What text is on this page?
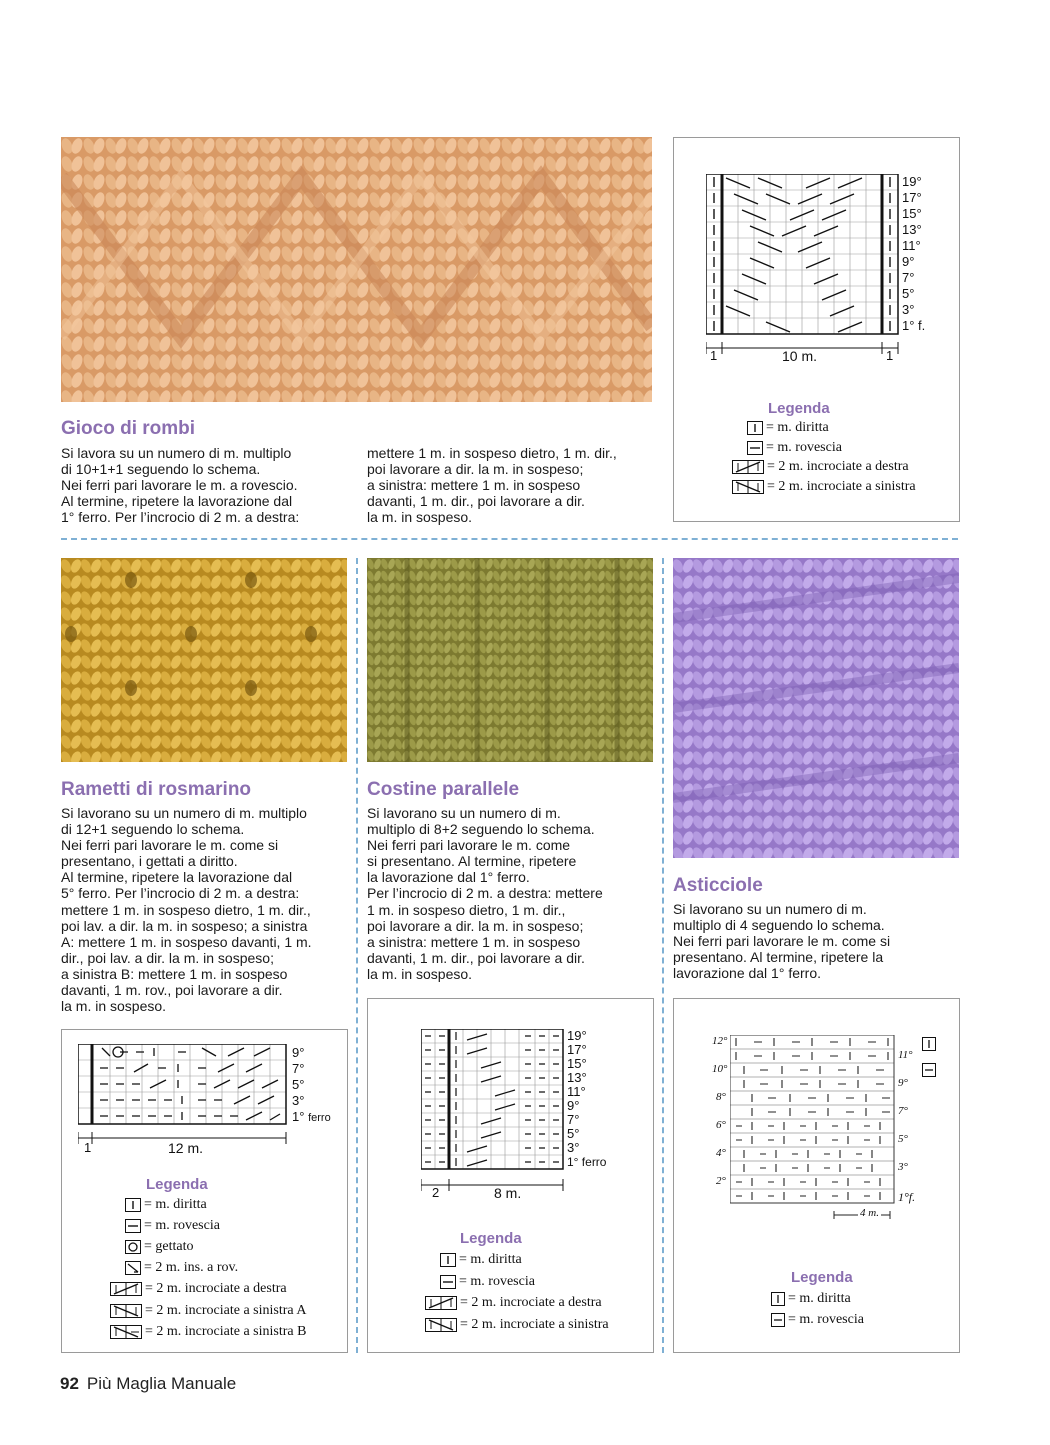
Gioco di rombi

Si lavora su un numero di m. multiplo

di 10+1+1 seguendo lo schema.

Nei ferri pari lavorare le m. a rovescio.

Al termine, ripetere la lavorazione dal

1° ferro. Per l’incrocio di 2 m. a destra:

mettere 1 m. in sospeso dietro, 1 m. dir.,

poi lavorare a dir. la m. in sospeso;

a sinistra: mettere 1 m. in sospeso

davanti, 1 m. dir., poi lavorare a dir.

la m. in sospeso.

19°
17°
15°
13°
11°
9°
7°
5°
3°
1° f.
1	10 m.	1
Legenda
= m. diritta
= m. rovescia
= 2 m. incrociate a destra
= 2 m. incrociate a sinistra
Rametti di rosmarino

Si lavorano su un numero di m. multiplo

di 12+1 seguendo lo schema.

Nei ferri pari lavorare le m. come si

presentano, i gettati a diritto.

Al termine, ripetere la lavorazione dal

5° ferro. Per l’incrocio di 2 m. a destra:

mettere 1 m. in sospeso dietro, 1 m. dir.,

poi lav. a dir. la m. in sospeso; a sinistra

A: mettere 1 m. in sospeso davanti, 1 m.

dir., poi lav. a dir. la m. in sospeso;

a sinistra B: mettere 1 m. in sospeso

davanti, 1 m. rov., poi lavorare a dir.

la m. in sospeso.

9°
7°
5°
3°
1° ferro
1	12 m.
Legenda
= m. diritta
= m. rovescia
= gettato
= 2 m. ins. a rov.
= 2 m. incrociate a destra
= 2 m. incrociate a sinistra A
= 2 m. incrociate a sinistra B
Costine parallele

Si lavorano su un numero di m.

multiplo di 8+2 seguendo lo schema.

Nei ferri pari lavorare le m. come

si presentano. Al termine, ripetere

la lavorazione dal 1° ferro.

Per l’incrocio di 2 m. a destra: mettere

1 m. in sospeso dietro, 1 m. dir.,

poi lavorare a dir. la m. in sospeso;

a sinistra: mettere 1 m. in sospeso

davanti, 1 m. dir., poi lavorare a dir.

la m. in sospeso.

19°
17°
15°
13°
11°
9°
7°
5°
3°
1° ferro
2	8 m.
Legenda
= m. diritta
= m. rovescia
= 2 m. incrociate a destra
= 2 m. incrociate a sinistra
Asticciole

Si lavorano su un numero di m.

multiplo di 4 seguendo lo schema.

Nei ferri pari lavorare le m. come si

presentano. Al termine, ripetere la

lavorazione dal 1° ferro.

12°
10°
8°
6°
4°
2°
11°
9°
7°
5°
3°
1°f.
4 m.
Legenda
= m. diritta
= m. rovescia
92 Più Maglia Manuale
